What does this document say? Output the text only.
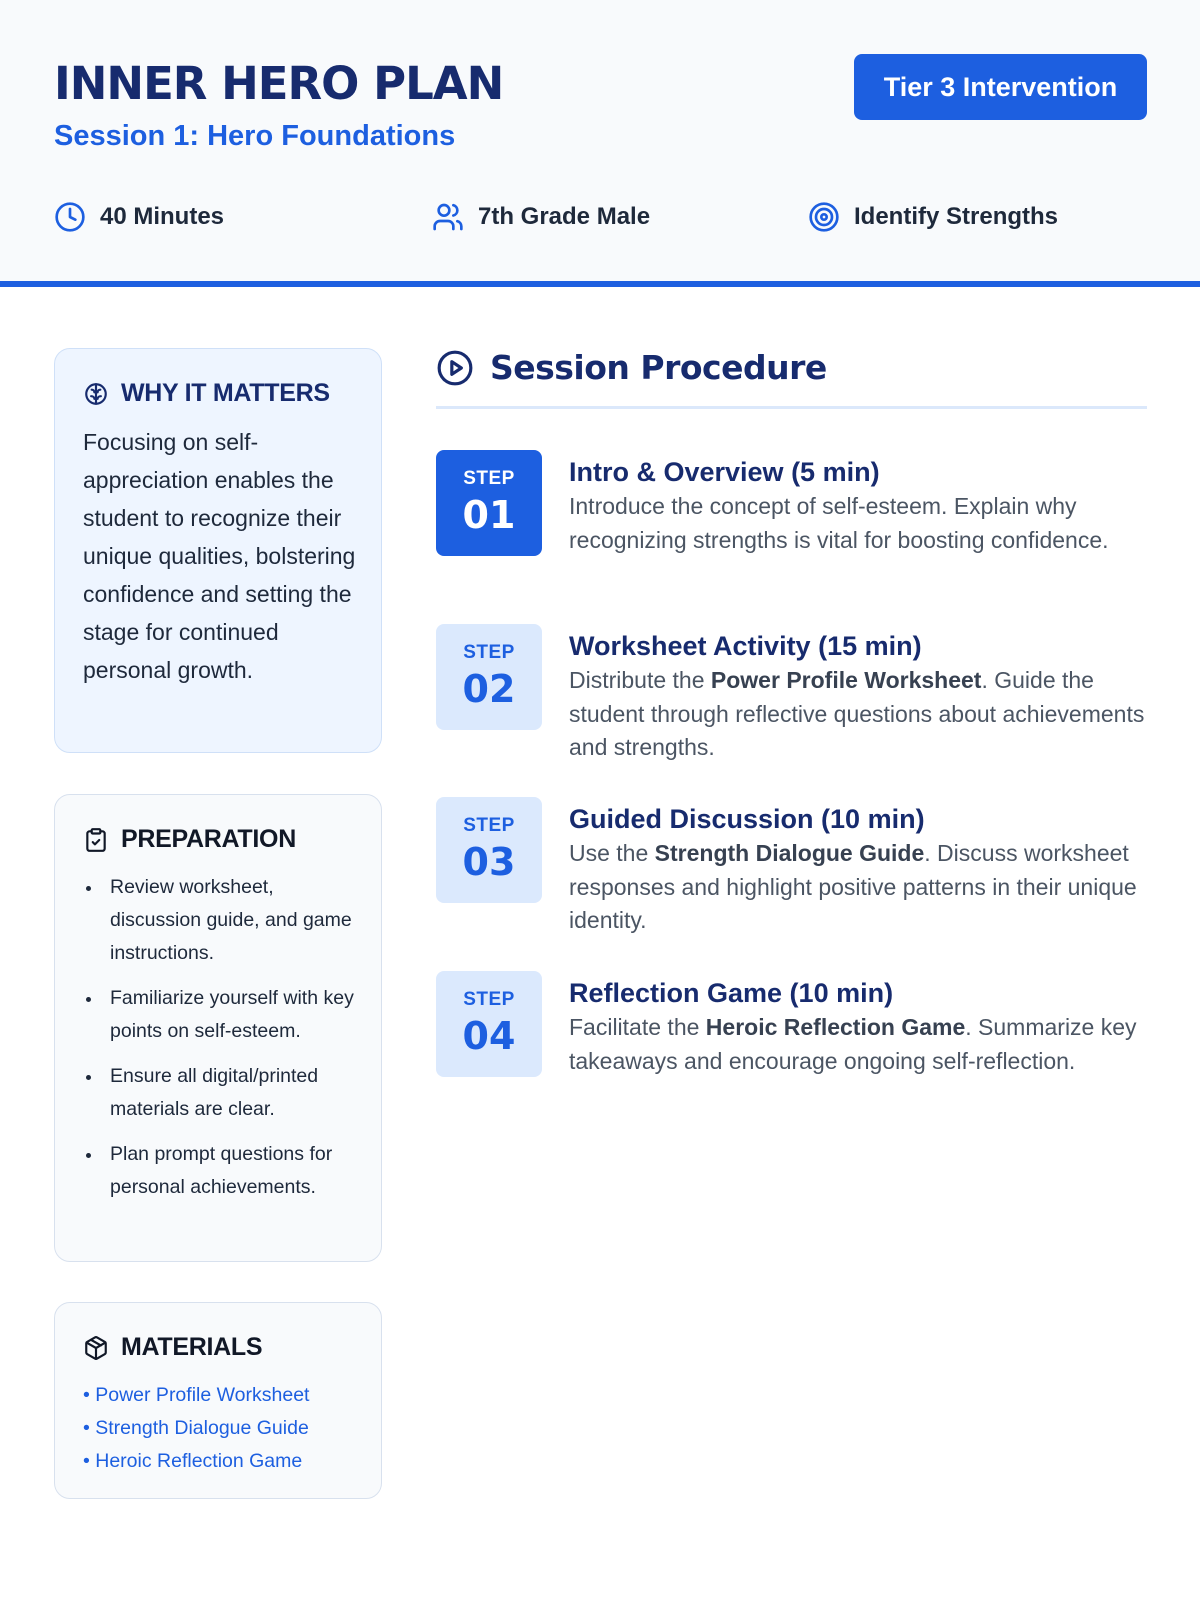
INNER HERO PLAN
Session 1: Hero Foundations
Tier 3 Intervention
40 Minutes	7th Grade Male	Identify Strengths
WHY IT MATTERS

Focusing on self-appreciation enables the student to recognize their unique qualities, bolstering confidence and setting the stage for continued personal growth.

PREPARATION
Review worksheet, discussion guide, and game instructions.
Familiarize yourself with key points on self-esteem.
Ensure all digital/printed materials are clear.
Plan prompt questions for personal achievements.
MATERIALS
• Power Profile Worksheet
• Strength Dialogue Guide
• Heroic Reflection Game
Session Procedure
STEP
01
Intro & Overview (5 min)

Introduce the concept of self-esteem. Explain why recognizing strengths is vital for boosting confidence.

STEP
02
Worksheet Activity (15 min)

Distribute the Power Profile Worksheet. Guide the student through reflective questions about achievements and strengths.

STEP
03
Guided Discussion (10 min)

Use the Strength Dialogue Guide. Discuss worksheet responses and highlight positive patterns in their unique identity.

STEP
04
Reflection Game (10 min)

Facilitate the Heroic Reflection Game. Summarize key takeaways and encourage ongoing self-reflection.
